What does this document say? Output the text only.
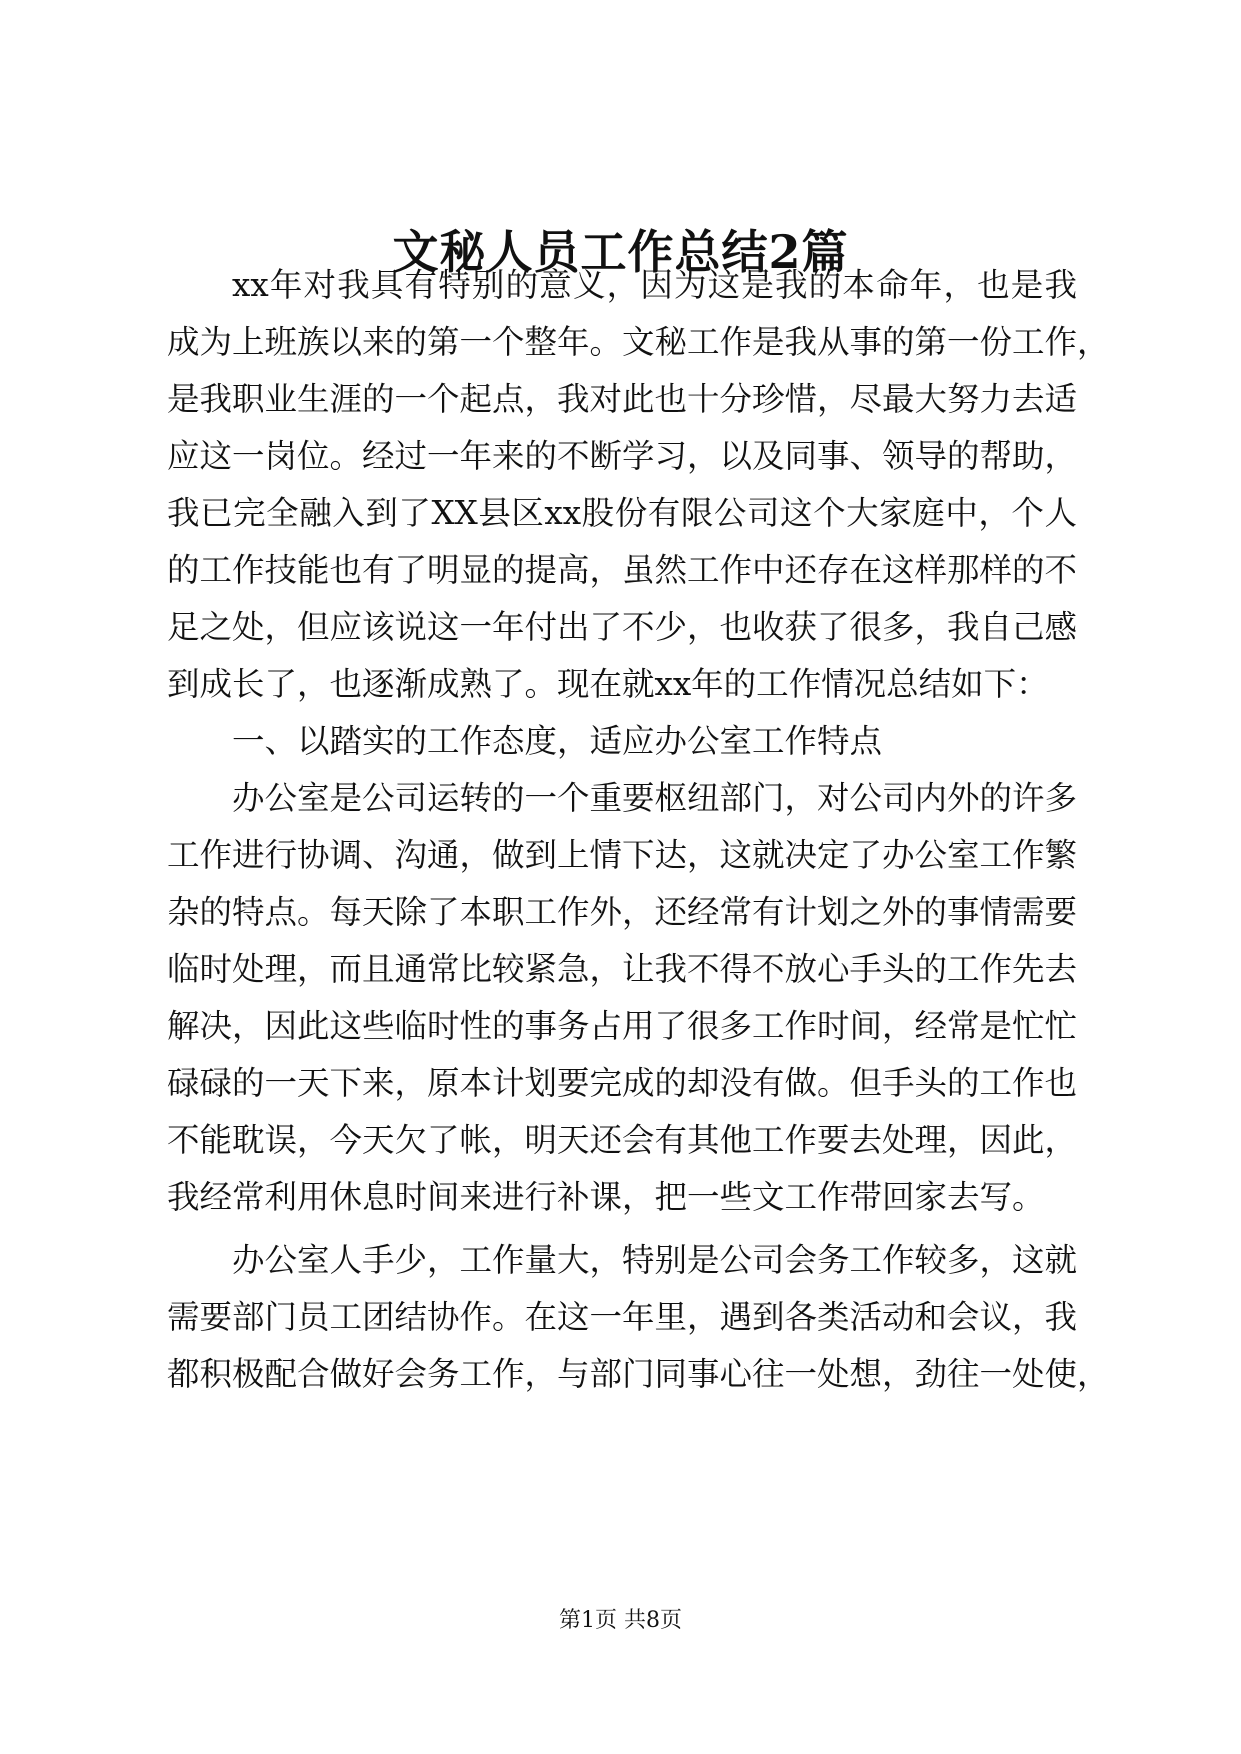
文秘人员工作总结2篇

xx年对我具有特别的意义，因为这是我的本命年，也是我

成为上班族以来的第一个整年。文秘工作是我从事的第一份工作，

是我职业生涯的一个起点，我对此也十分珍惜，尽最大努力去适

应这一岗位。经过一年来的不断学习，以及同事、领导的帮助，

我已完全融入到了XX县区xx股份有限公司这个大家庭中，个人

的工作技能也有了明显的提高，虽然工作中还存在这样那样的不

足之处，但应该说这一年付出了不少，也收获了很多，我自己感

到成长了，也逐渐成熟了。现在就xx年的工作情况总结如下：

一、以踏实的工作态度，适应办公室工作特点

办公室是公司运转的一个重要枢纽部门，对公司内外的许多

工作进行协调、沟通，做到上情下达，这就决定了办公室工作繁

杂的特点。每天除了本职工作外，还经常有计划之外的事情需要

临时处理，而且通常比较紧急，让我不得不放心手头的工作先去

解决，因此这些临时性的事务占用了很多工作时间，经常是忙忙

碌碌的一天下来，原本计划要完成的却没有做。但手头的工作也

不能耽误，今天欠了帐，明天还会有其他工作要去处理，因此，

我经常利用休息时间来进行补课，把一些文工作带回家去写。

办公室人手少，工作量大，特别是公司会务工作较多，这就

需要部门员工团结协作。在这一年里，遇到各类活动和会议，我

都积极配合做好会务工作，与部门同事心往一处想，劲往一处使，

第1页 共8页
